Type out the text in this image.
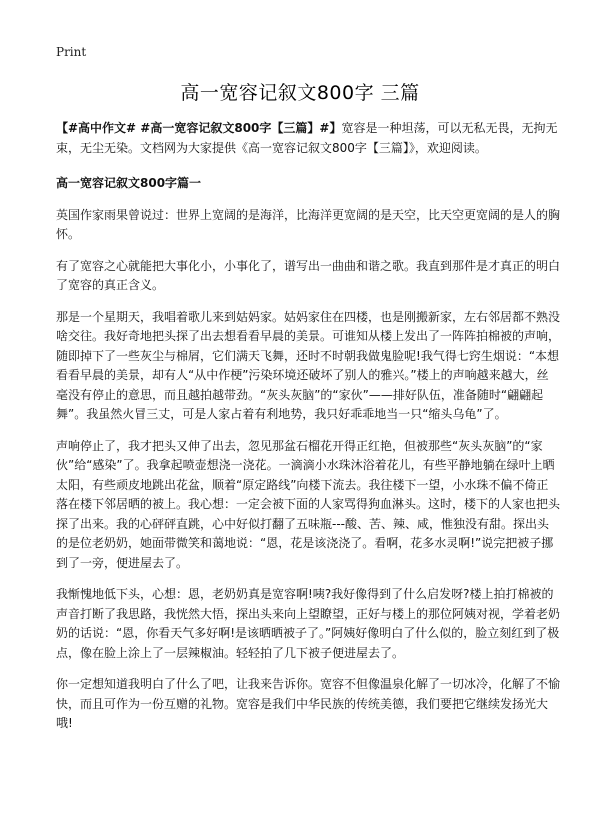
Print
高一宽容记叙文800字 三篇

【#高中作文# #高一宽容记叙文800字【三篇】#】宽容是一种坦荡，可以无私无畏，无拘无束，无尘无染。文档网为大家提供《高一宽容记叙文800字【三篇】》，欢迎阅读。

高一宽容记叙文800字篇一

英国作家雨果曾说过：世界上宽阔的是海洋，比海洋更宽阔的是天空，比天空更宽阔的是人的胸怀。

有了宽容之心就能把大事化小，小事化了，谱写出一曲曲和谐之歌。我直到那件是才真正的明白了宽容的真正含义。

那是一个星期天，我唱着歌儿来到姑妈家。姑妈家住在四楼，也是刚搬新家，左右邻居都不熟没啥交往。我好奇地把头探了出去想看看早晨的美景。可谁知从楼上发出了一阵阵拍棉被的声响，随即掉下了一些灰尘与棉屑，它们满天飞舞，还时不时朝我做鬼脸呢!我气得七窍生烟说：“本想看看早晨的美景，却有人“从中作梗”污染环境还破坏了别人的雅兴。”楼上的声响越来越大，丝毫没有停止的意思，而且越拍越带劲。“灰头灰脑”的“家伙”——排好队伍，准备随时“翩翩起舞”。我虽然火冒三丈，可是人家占着有利地势，我只好乖乖地当一只“缩头乌龟”了。

声响停止了，我才把头又伸了出去，忽见那盆石榴花开得正红艳，但被那些“灰头灰脑”的“家伙”给“感染”了。我拿起喷壶想浇一浇花。一滴滴小水珠沐浴着花儿，有些平静地躺在绿叶上晒太阳，有些顽皮地跳出花盆，顺着“原定路线”向楼下流去。我往楼下一望，小水珠不偏不倚正落在楼下邻居晒的被上。我心想：一定会被下面的人家骂得狗血淋头。这时，楼下的人家也把头探了出来。我的心砰砰直跳，心中好似打翻了五味瓶---酸、苦、辣、咸，惟独没有甜。探出头的是位老奶奶，她面带微笑和蔼地说：“恩，花是该浇浇了。看啊，花多水灵啊!”说完把被子挪到了一旁，便进屋去了。

我惭愧地低下头，心想：恩，老奶奶真是宽容啊!咦?我好像得到了什么启发呀?楼上拍打棉被的声音打断了我思路，我恍然大悟，探出头来向上望瞭望，正好与楼上的那位阿姨对视，学着老奶奶的话说：“恩，你看天气多好啊!是该晒晒被子了。”阿姨好像明白了什么似的，脸立刻红到了极点，像在脸上涂上了一层辣椒油。轻轻拍了几下被子便进屋去了。

你一定想知道我明白了什么了吧，让我来告诉你。宽容不但像温泉化解了一切冰冷，化解了不愉快，而且可作为一份互赠的礼物。宽容是我们中华民族的传统美德，我们要把它继续发扬光大哦!
